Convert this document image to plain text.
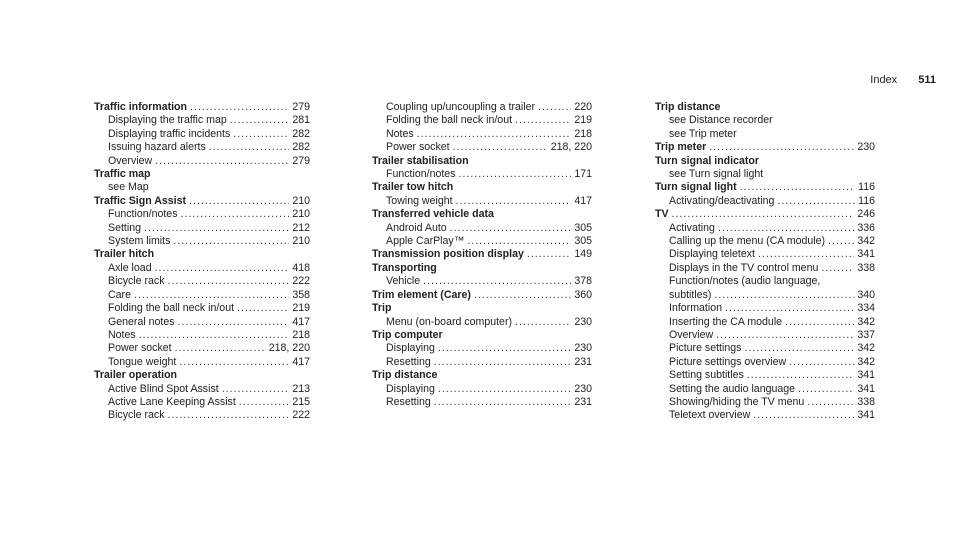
Index 511
Traffic information .....	279
Displaying the traffic map .....	281
Displaying traffic incidents .....	282
Issuing hazard alerts .....	282
Overview .....	279
Traffic map
see Map
Traffic Sign Assist .....	210
Function/notes .....	210
Setting .....	212
System limits .....	210
Trailer hitch
Axle load .....	418
Bicycle rack .....	222
Care .....	358
Folding the ball neck in/out .....	219
General notes .....	417
Notes .....	218
Power socket .....	218, 220
Tongue weight .....	417
Trailer operation
Active Blind Spot Assist .....	213
Active Lane Keeping Assist .....	215
Bicycle rack .....	222
Coupling up/uncoupling a trailer .....	220
Folding the ball neck in/out .....	219
Notes .....	218
Power socket .....	218, 220
Trailer stabilisation
Function/notes .....	171
Trailer tow hitch
Towing weight .....	417
Transferred vehicle data
Android Auto .....	305
Apple CarPlay™ .....	305
Transmission position display .....	149
Transporting
Vehicle .....	378
Trim element (Care) .....	360
Trip
Menu (on-board computer) .....	230
Trip computer
Displaying .....	230
Resetting .....	231
Trip distance
Displaying .....	230
Resetting .....	231
Trip distance
see Distance recorder
see Trip meter
Trip meter .....	230
Turn signal indicator
see Turn signal light
Turn signal light .....	116
Activating/deactivating .....	116
TV .....	246
Activating .....	336
Calling up the menu (CA module) .....	342
Displaying teletext .....	341
Displays in the TV control menu .....	338
Function/notes (audio language,
subtitles) .....	340
Information .....	334
Inserting the CA module .....	342
Overview .....	337
Picture settings .....	342
Picture settings overview .....	342
Setting subtitles .....	341
Setting the audio language .....	341
Showing/hiding the TV menu .....	338
Teletext overview .....	341
